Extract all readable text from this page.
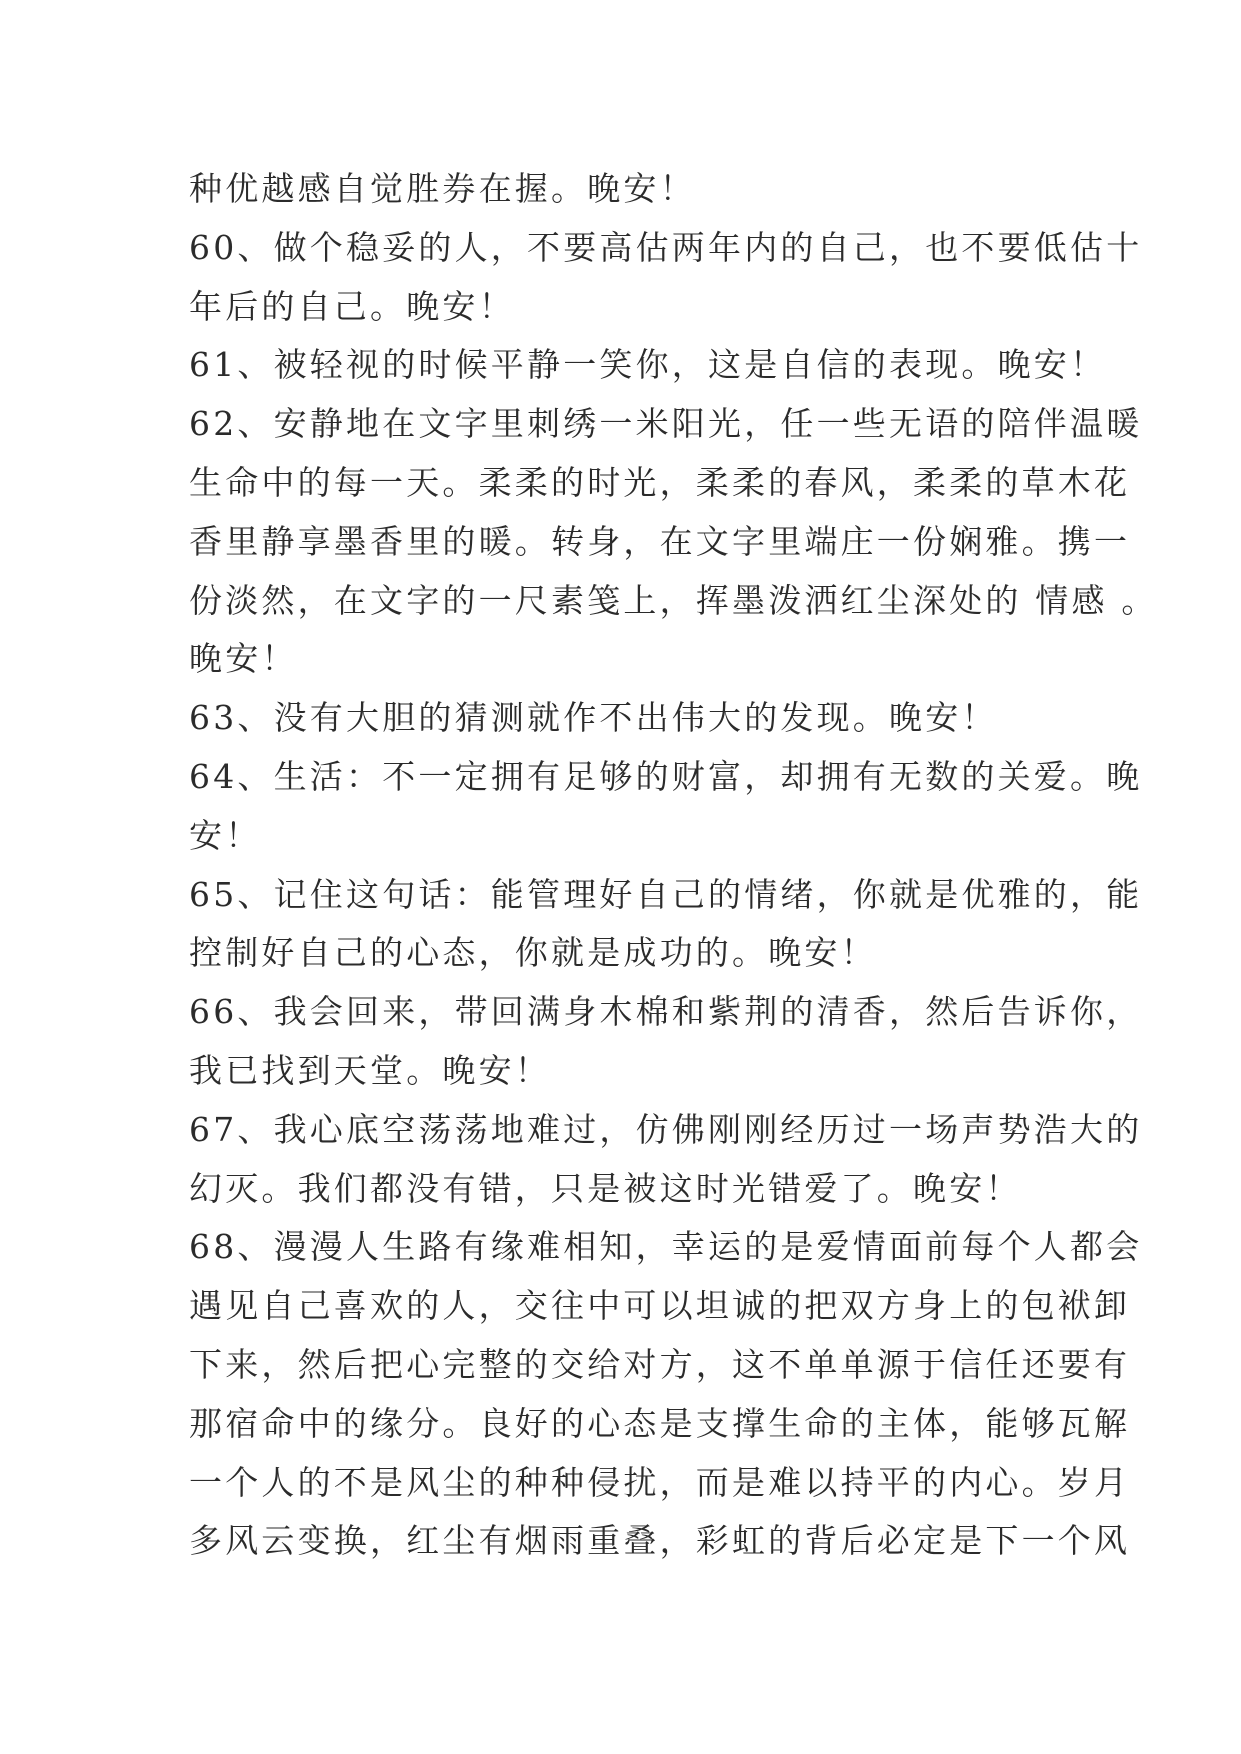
种优越感自觉胜券在握。晚安！
60、做个稳妥的人，不要高估两年内的自己，也不要低估十
年后的自己。晚安！
61、被轻视的时候平静一笑你，这是自信的表现。晚安！
62、安静地在文字里刺绣一米阳光，任一些无语的陪伴温暖
生命中的每一天。柔柔的时光，柔柔的春风，柔柔的草木花
香里静享墨香里的暖。转身，在文字里端庄一份娴雅。携一
份淡然，在文字的一尺素笺上，挥墨泼洒红尘深处的 情感 。
晚安！
63、没有大胆的猜测就作不出伟大的发现。晚安！
64、生活：不一定拥有足够的财富，却拥有无数的关爱。晚
安！
65、记住这句话：能管理好自己的情绪，你就是优雅的，能
控制好自己的心态，你就是成功的。晚安！
66、我会回来，带回满身木棉和紫荆的清香，然后告诉你，
我已找到天堂。晚安！
67、我心底空荡荡地难过，仿佛刚刚经历过一场声势浩大的
幻灭。我们都没有错，只是被这时光错爱了。晚安！
68、漫漫人生路有缘难相知，幸运的是爱情面前每个人都会
遇见自己喜欢的人，交往中可以坦诚的把双方身上的包袱卸
下来，然后把心完整的交给对方，这不单单源于信任还要有
那宿命中的缘分。良好的心态是支撑生命的主体，能够瓦解
一个人的不是风尘的种种侵扰，而是难以持平的内心。岁月
多风云变换，红尘有烟雨重叠，彩虹的背后必定是下一个风
